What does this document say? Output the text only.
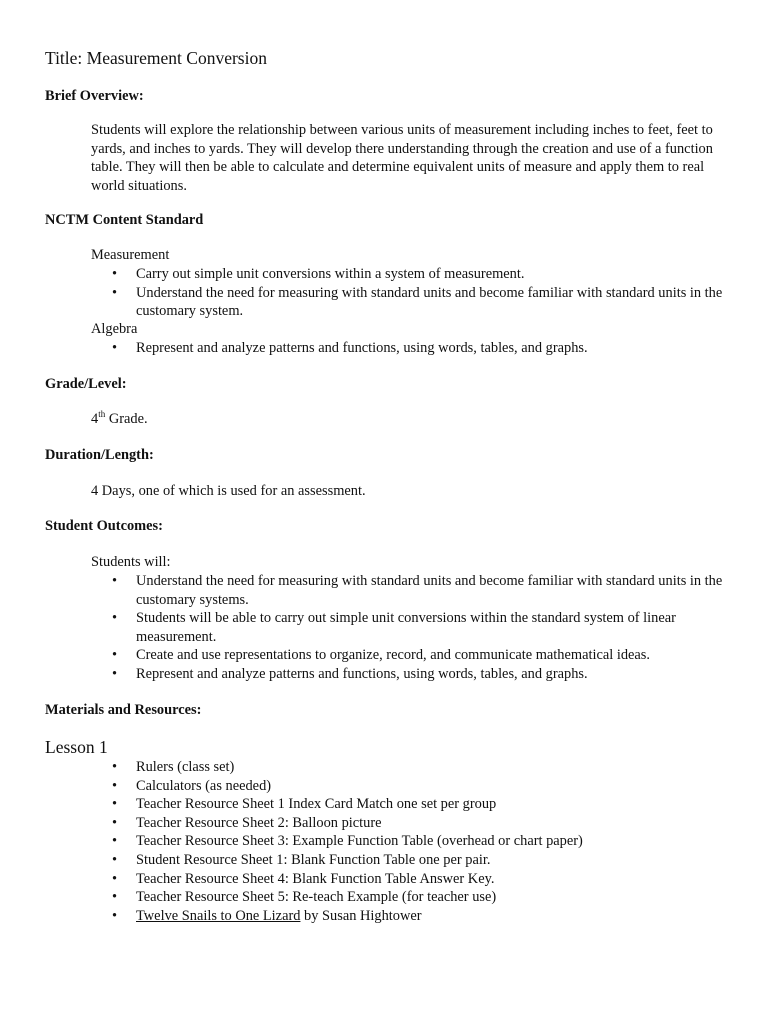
Title: Measurement Conversion
Brief Overview:

Students will explore the relationship between various units of measurement including inches to feet, feet to yards, and inches to yards. They will develop there understanding through the creation and use of a function table. They will then be able to calculate and determine equivalent units of measure and apply them to real world situations.

NCTM Content Standard

Measurement

• Carry out simple unit conversions within a system of measurement.
• Understand the need for measuring with standard units and become familiar with standard units in the customary system.

Algebra

• Represent and analyze patterns and functions, using words, tables, and graphs.
Grade/Level:

4th Grade.

Duration/Length:

4 Days, one of which is used for an assessment.

Student Outcomes:

Students will:

• Understand the need for measuring with standard units and become familiar with standard units in the customary systems.
• Students will be able to carry out simple unit conversions within the standard system of linear measurement.
• Create and use representations to organize, record, and communicate mathematical ideas.
• Represent and analyze patterns and functions, using words, tables, and graphs.
Materials and Resources:
Lesson 1
• Rulers (class set)
• Calculators (as needed)
• Teacher Resource Sheet 1 Index Card Match one set per group
• Teacher Resource Sheet 2: Balloon picture
• Teacher Resource Sheet 3: Example Function Table (overhead or chart paper)
• Student Resource Sheet 1: Blank Function Table one per pair.
• Teacher Resource Sheet 4: Blank Function Table Answer Key.
• Teacher Resource Sheet 5: Re-teach Example (for teacher use)
• Twelve Snails to One Lizard by Susan Hightower
